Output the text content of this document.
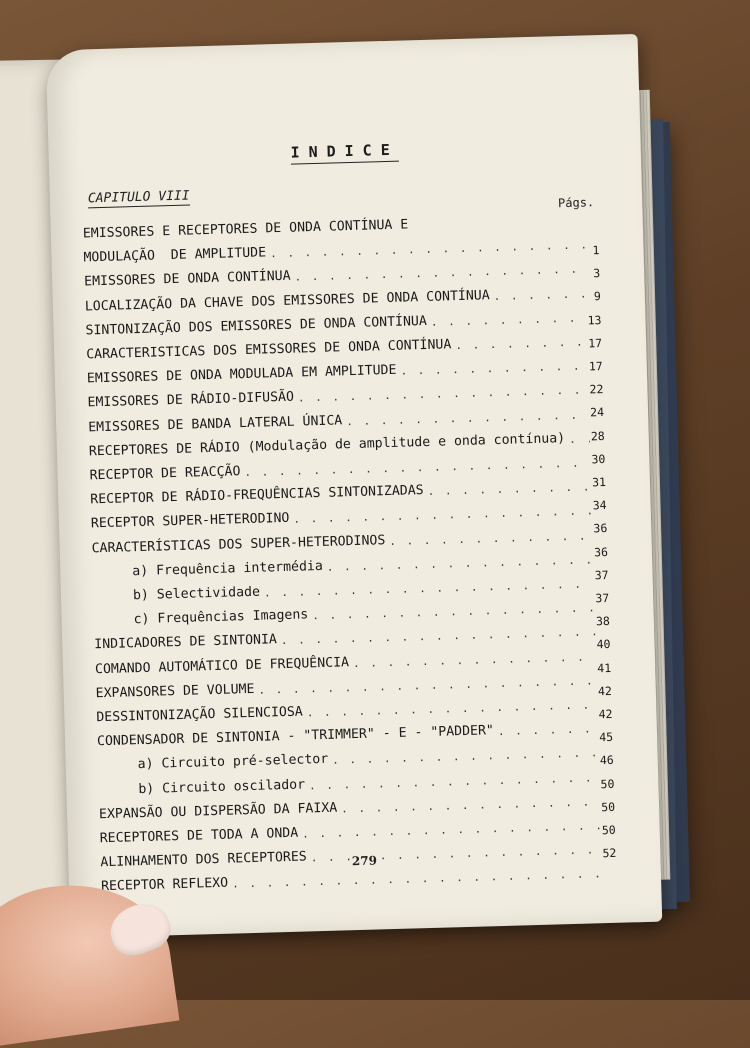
INDICE
CAPITULO VIII	Págs.
EMISSORES E RECEPTORES DE ONDA CONTÍNUA E
MODULAÇÃO  DE AMPLITUDE
. . .
EMISSORES DE ONDA CONTÍNUA
. . .
LOCALIZAÇÃO DA CHAVE DOS EMISSORES DE ONDA CONTÍNUA
. . .
SINTONIZAÇÃO DOS EMISSORES DE ONDA CONTÍNUA
. . .
CARACTERISTICAS DOS EMISSORES DE ONDA CONTÍNUA
. . .
EMISSORES DE ONDA MODULADA EM AMPLITUDE
. . .
EMISSORES DE RÁDIO-DIFUSÃO
. . .
EMISSORES DE BANDA LATERAL ÚNICA
. . .
RECEPTORES DE RÁDIO (Modulação de amplitude e onda contínua)
. . .
RECEPTOR DE REACÇÃO
. . .
RECEPTOR DE RÁDIO-FREQUÊNCIAS SINTONIZADAS
. . .
RECEPTOR SUPER-HETERODINO
. . .
CARACTERÍSTICAS DOS SUPER-HETERODINOS
. . .
a) Frequência intermédia
. . .
b) Selectividade
. . .
c) Frequências Imagens
. . .
INDICADORES DE SINTONIA
. . .
COMANDO AUTOMÁTICO DE FREQUÊNCIA
. . .
EXPANSORES DE VOLUME
. . .
DESSINTONIZAÇÃO SILENCIOSA
. . .
CONDENSADOR DE SINTONIA - "TRIMMER" - E - "PADDER"
. . .
a) Circuito pré-selector
. . .
b) Circuito oscilador
. . .
EXPANSÃO OU DISPERSÃO DA FAIXA
. . .
RECEPTORES DE TODA A ONDA
. . .
ALINHAMENTO DOS RECEPTORES
. . .
RECEPTOR REFLEXO
. . .
1
3
9
13
17
17
22
24
28
30
31
34
36
36
37
37
38
40
41
42
42
45
46
50
50
50
52
279
